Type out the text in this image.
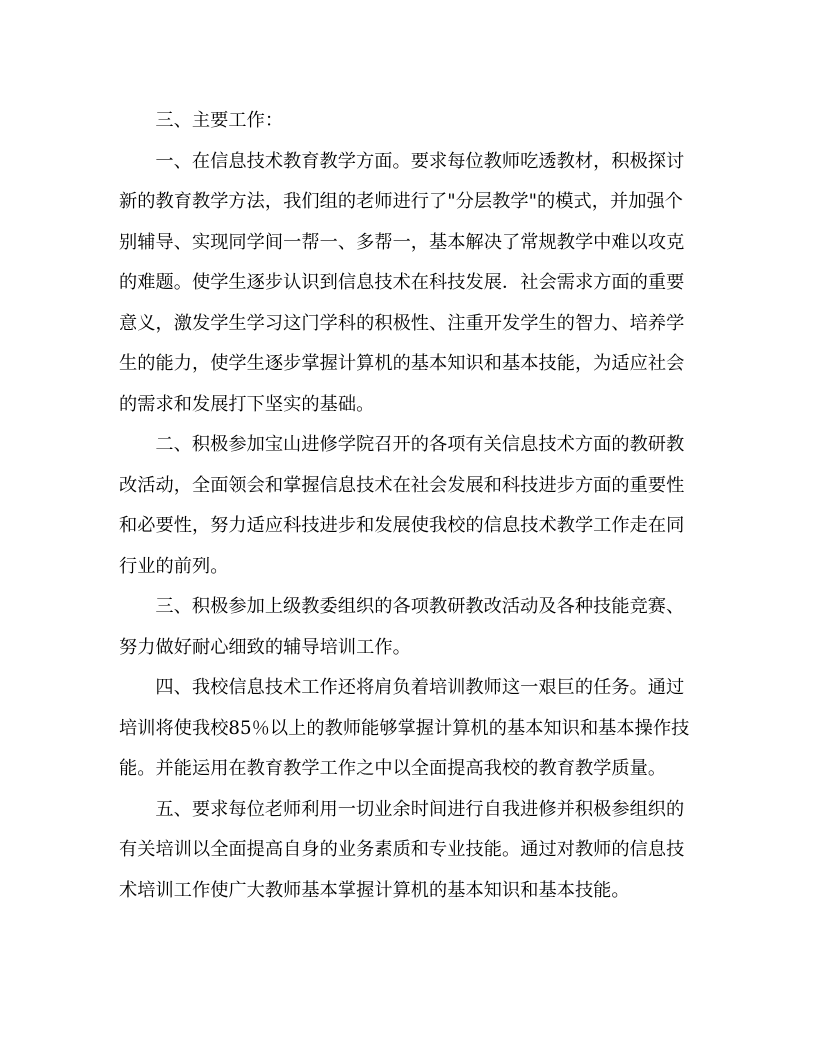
三、主要工作：

一、在信息技术教育教学方面。要求每位教师吃透教材，积极探讨新的教育教学方法，我们组的老师进行了"分层教学"的模式，并加强个别辅导、实现同学间一帮一、多帮一，基本解决了常规教学中难以攻克的难题。使学生逐步认识到信息技术在科技发展．社会需求方面的重要意义，激发学生学习这门学科的积极性、注重开发学生的智力、培养学生的能力，使学生逐步掌握计算机的基本知识和基本技能，为适应社会的需求和发展打下坚实的基础。

二、积极参加宝山进修学院召开的各项有关信息技术方面的教研教改活动，全面领会和掌握信息技术在社会发展和科技进步方面的重要性和必要性，努力适应科技进步和发展使我校的信息技术教学工作走在同行业的前列。

三、积极参加上级教委组织的各项教研教改活动及各种技能竞赛、努力做好耐心细致的辅导培训工作。

四、我校信息技术工作还将肩负着培训教师这一艰巨的任务。通过培训将使我校85％以上的教师能够掌握计算机的基本知识和基本操作技能。并能运用在教育教学工作之中以全面提高我校的教育教学质量。

五、要求每位老师利用一切业余时间进行自我进修并积极参组织的有关培训以全面提高自身的业务素质和专业技能。通过对教师的信息技术培训工作使广大教师基本掌握计算机的基本知识和基本技能。
